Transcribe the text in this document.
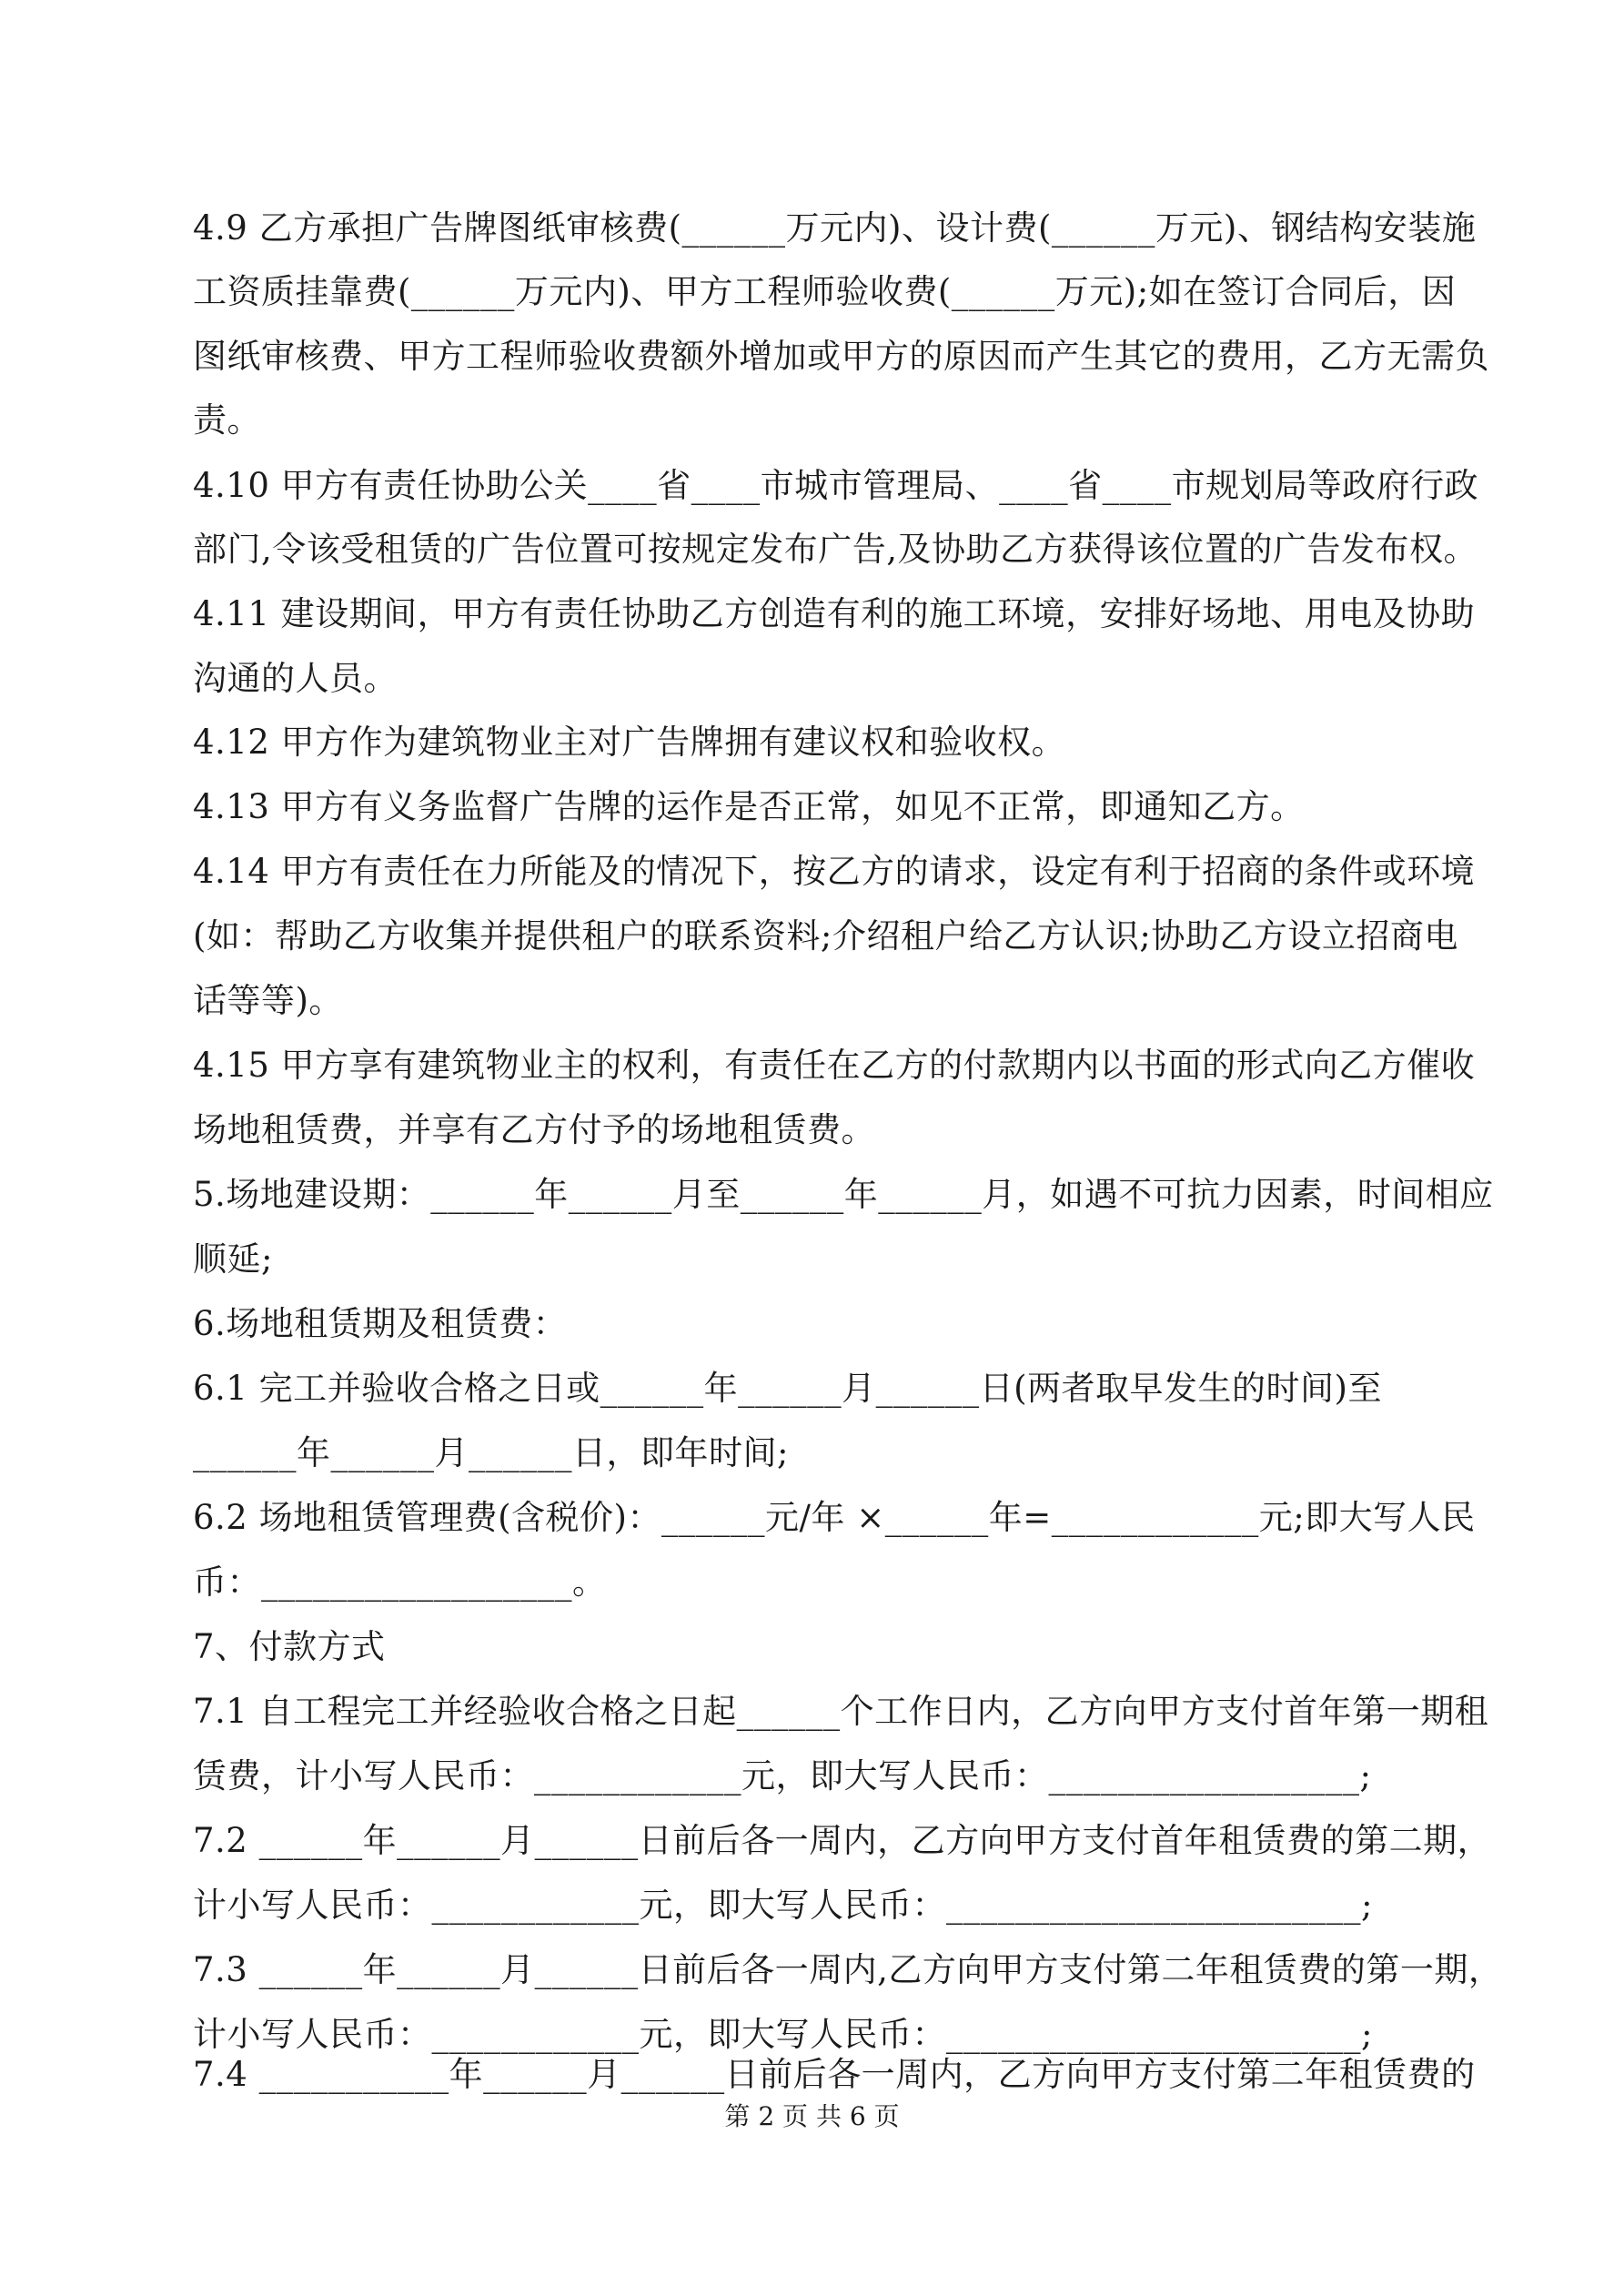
4.9 乙方承担广告牌图纸审核费(______万元内)、设计费(______万元)、钢结构安装施
工资质挂靠费(______万元内)、甲方工程师验收费(______万元);如在签订合同后，因
图纸审核费、甲方工程师验收费额外增加或甲方的原因而产生其它的费用，乙方无需负
责。
4.10 甲方有责任协助公关____省____市城市管理局、____省____市规划局等政府行政
部门,令该受租赁的广告位置可按规定发布广告,及协助乙方获得该位置的广告发布权。
4.11 建设期间，甲方有责任协助乙方创造有利的施工环境，安排好场地、用电及协助
沟通的人员。
4.12 甲方作为建筑物业主对广告牌拥有建议权和验收权。
4.13 甲方有义务监督广告牌的运作是否正常，如见不正常，即通知乙方。
4.14 甲方有责任在力所能及的情况下，按乙方的请求，设定有利于招商的条件或环境
(如：帮助乙方收集并提供租户的联系资料;介绍租户给乙方认识;协助乙方设立招商电
话等等)。
4.15 甲方享有建筑物业主的权利，有责任在乙方的付款期内以书面的形式向乙方催收
场地租赁费，并享有乙方付予的场地租赁费。
5.场地建设期：______年______月至______年______月，如遇不可抗力因素，时间相应
顺延;
6.场地租赁期及租赁费：
6.1 完工并验收合格之日或______年______月______日(两者取早发生的时间)至
______年______月______日，即年时间;
6.2 场地租赁管理费(含税价)：______元/年 ×______年=____________元;即大写人民
币：__________________。
7、付款方式
7.1 自工程完工并经验收合格之日起______个工作日内，乙方向甲方支付首年第一期租
赁费，计小写人民币：____________元，即大写人民币：__________________;
7.2 ______年______月______日前后各一周内，乙方向甲方支付首年租赁费的第二期，
计小写人民币：____________元，即大写人民币：________________________;
7.3 ______年______月______日前后各一周内,乙方向甲方支付第二年租赁费的第一期，
计小写人民币：____________元，即大写人民币：________________________;
7.4 ___________年______月______日前后各一周内，乙方向甲方支付第二年租赁费的
第 2 页 共 6 页
